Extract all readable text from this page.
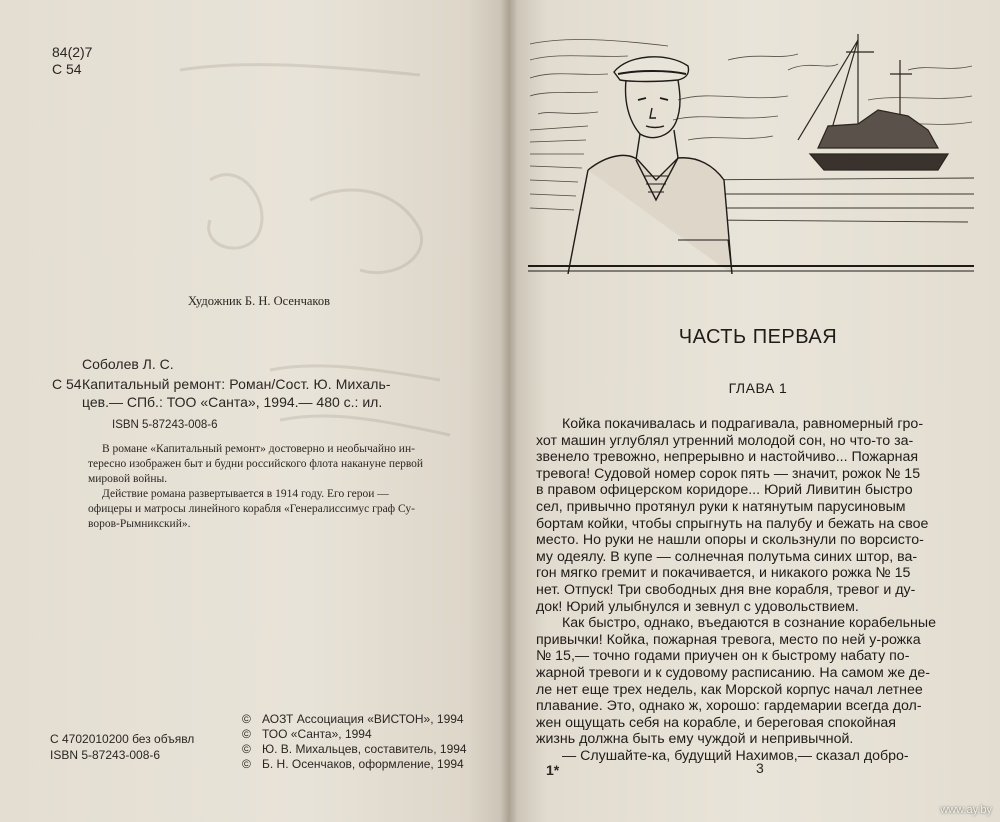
84(2)7
С 54
Художник Б. Н. Осенчаков
Соболев Л. С.
С 54 Капитальный ремонт: Роман/Сост. Ю. Михаль-
цев.— СПб.: ТОО «Санта», 1994.— 480 с.: ил.
ISBN 5-87243-008-6
В романе «Капитальный ремонт» достоверно и необычайно ин-
тересно изображен быт и будни российского флота накануне первой
мировой войны.
Действие романа развертывается в 1914 году. Его герои —
офицеры и матросы линейного корабля «Генералиссимус граф Су-
воров-Рымникский».
С 4702010200 без объявл
ISBN 5-87243-008-6
© АОЗТ Ассоциация «ВИСТОН», 1994
© ТОО «Санта», 1994
© Ю. В. Михальцев, составитель, 1994
© Б. Н. Осенчаков, оформление, 1994
ЧАСТЬ ПЕРВАЯ
ГЛАВА 1
Койка покачивалась и подрагивала, равномерный гро-
хот машин углублял утренний молодой сон, но что-то за-
звенело тревожно, непрерывно и настойчиво... Пожарная
тревога! Судовой номер сорок пять — значит, рожок № 15
в правом офицерском коридоре... Юрий Ливитин быстро
сел, привычно протянул руки к натянутым парусиновым
бортам койки, чтобы спрыгнуть на палубу и бежать на свое
место. Но руки не нашли опоры и скользнули по ворсисто-
му одеялу. В купе — солнечная полутьма синих штор, ва-
гон мягко гремит и покачивается, и никакого рожка № 15
нет. Отпуск! Три свободных дня вне корабля, тревог и ду-
док! Юрий улыбнулся и зевнул с удовольствием.
Как быстро, однако, въедаются в сознание корабельные
привычки! Койка, пожарная тревога, место по ней у-рожка
№ 15,— точно годами приучен он к быстрому набату по-
жарной тревоги и к судовому расписанию. На самом же де-
ле нет еще трех недель, как Морской корпус начал летнее
плавание. Это, однако ж, хорошо: гардемарии всегда дол-
жен ощущать себя на корабле, и береговая спокойная
жизнь должна быть ему чуждой и непривычной.
— Слушайте-ка, будущий Нахимов,— сказал добро-
1*	3
www.ay.by
